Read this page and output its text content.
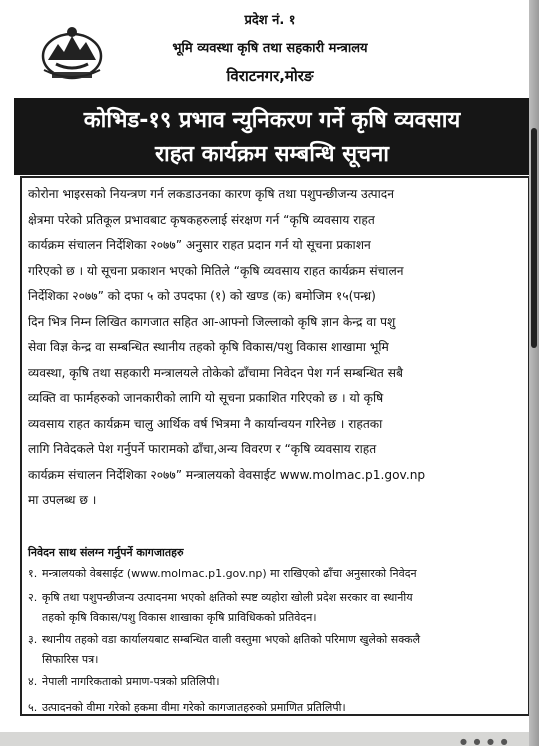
प्रदेश नं. १
भूमि व्यवस्था कृषि तथा सहकारी मन्त्रालय
विराटनगर,मोरङ
कोभिड-१९ प्रभाव न्युनिकरण गर्ने कृषि व्यवसाय
राहत कार्यक्रम सम्बन्धि सूचना
कोरोना भाइरसको नियन्त्रण गर्न लकडाउनका कारण कृषि तथा पशुपन्छीजन्य उत्पादन
क्षेत्रमा परेको प्रतिकूल प्रभावबाट कृषकहरुलाई संरक्षण गर्न “कृषि व्यवसाय राहत
कार्यक्रम संचालन निर्देशिका २०७७” अनुसार राहत प्रदान गर्न यो सूचना प्रकाशन
गरिएको छ । यो सूचना प्रकाशन भएको मितिले “कृषि व्यवसाय राहत कार्यक्रम संचालन
निर्देशिका २०७७” को दफा ५ को उपदफा (१) को खण्ड (क) बमोजिम १५(पन्ध्र)
दिन भित्र निम्न लिखित कागजात सहित आ-आफ्नो जिल्लाको कृषि ज्ञान केन्द्र वा पशु
सेवा विज्ञ केन्द्र वा सम्बन्धित स्थानीय तहको कृषि विकास/पशु विकास शाखामा भूमि
व्यवस्था, कृषि तथा सहकारी मन्त्रालयले तोकेको ढाँचामा निवेदन पेश गर्न सम्बन्धित सबै
व्यक्ति वा फार्महरुको जानकारीको लागि यो सूचना प्रकाशित गरिएको छ । यो कृषि
व्यवसाय राहत कार्यक्रम चालु आर्थिक वर्ष भित्रमा नै कार्यान्वयन गरिनेछ । राहतका
लागि निवेदकले पेश गर्नुपर्ने फारामको ढाँचा,अन्य विवरण र “कृषि व्यवसाय राहत
कार्यक्रम संचालन निर्देशिका २०७७” मन्त्रालयको वेवसाईट www.molmac.p1.gov.np
मा उपलब्ध छ ।
निवेदन साथ संलग्न गर्नुपर्ने कागजातहरु
१. मन्त्रालयको वेबसाईट (www.molmac.p1.gov.np) मा राखिएको ढाँचा अनुसारको निवेदन
२. कृषि तथा पशुपन्छीजन्य उत्पादनमा भएको क्षतिको स्पष्ट व्यहोरा खोली प्रदेश सरकार वा स्थानीय
तहको कृषि विकास/पशु विकास शाखाका कृषि प्राविधिकको प्रतिवेदन।
३. स्थानीय तहको वडा कार्यालयबाट सम्बन्धित वाली वस्तुमा भएको क्षतिको परिमाण खुलेको सक्कलै
सिफारिस पत्र।
४. नेपाली नागरिकताको प्रमाण-पत्रको प्रतिलिपी।
५. उत्पादनको वीमा गरेको हकमा वीमा गरेको कागजातहरुको प्रमाणित प्रतिलिपी।
● ● ● ●
